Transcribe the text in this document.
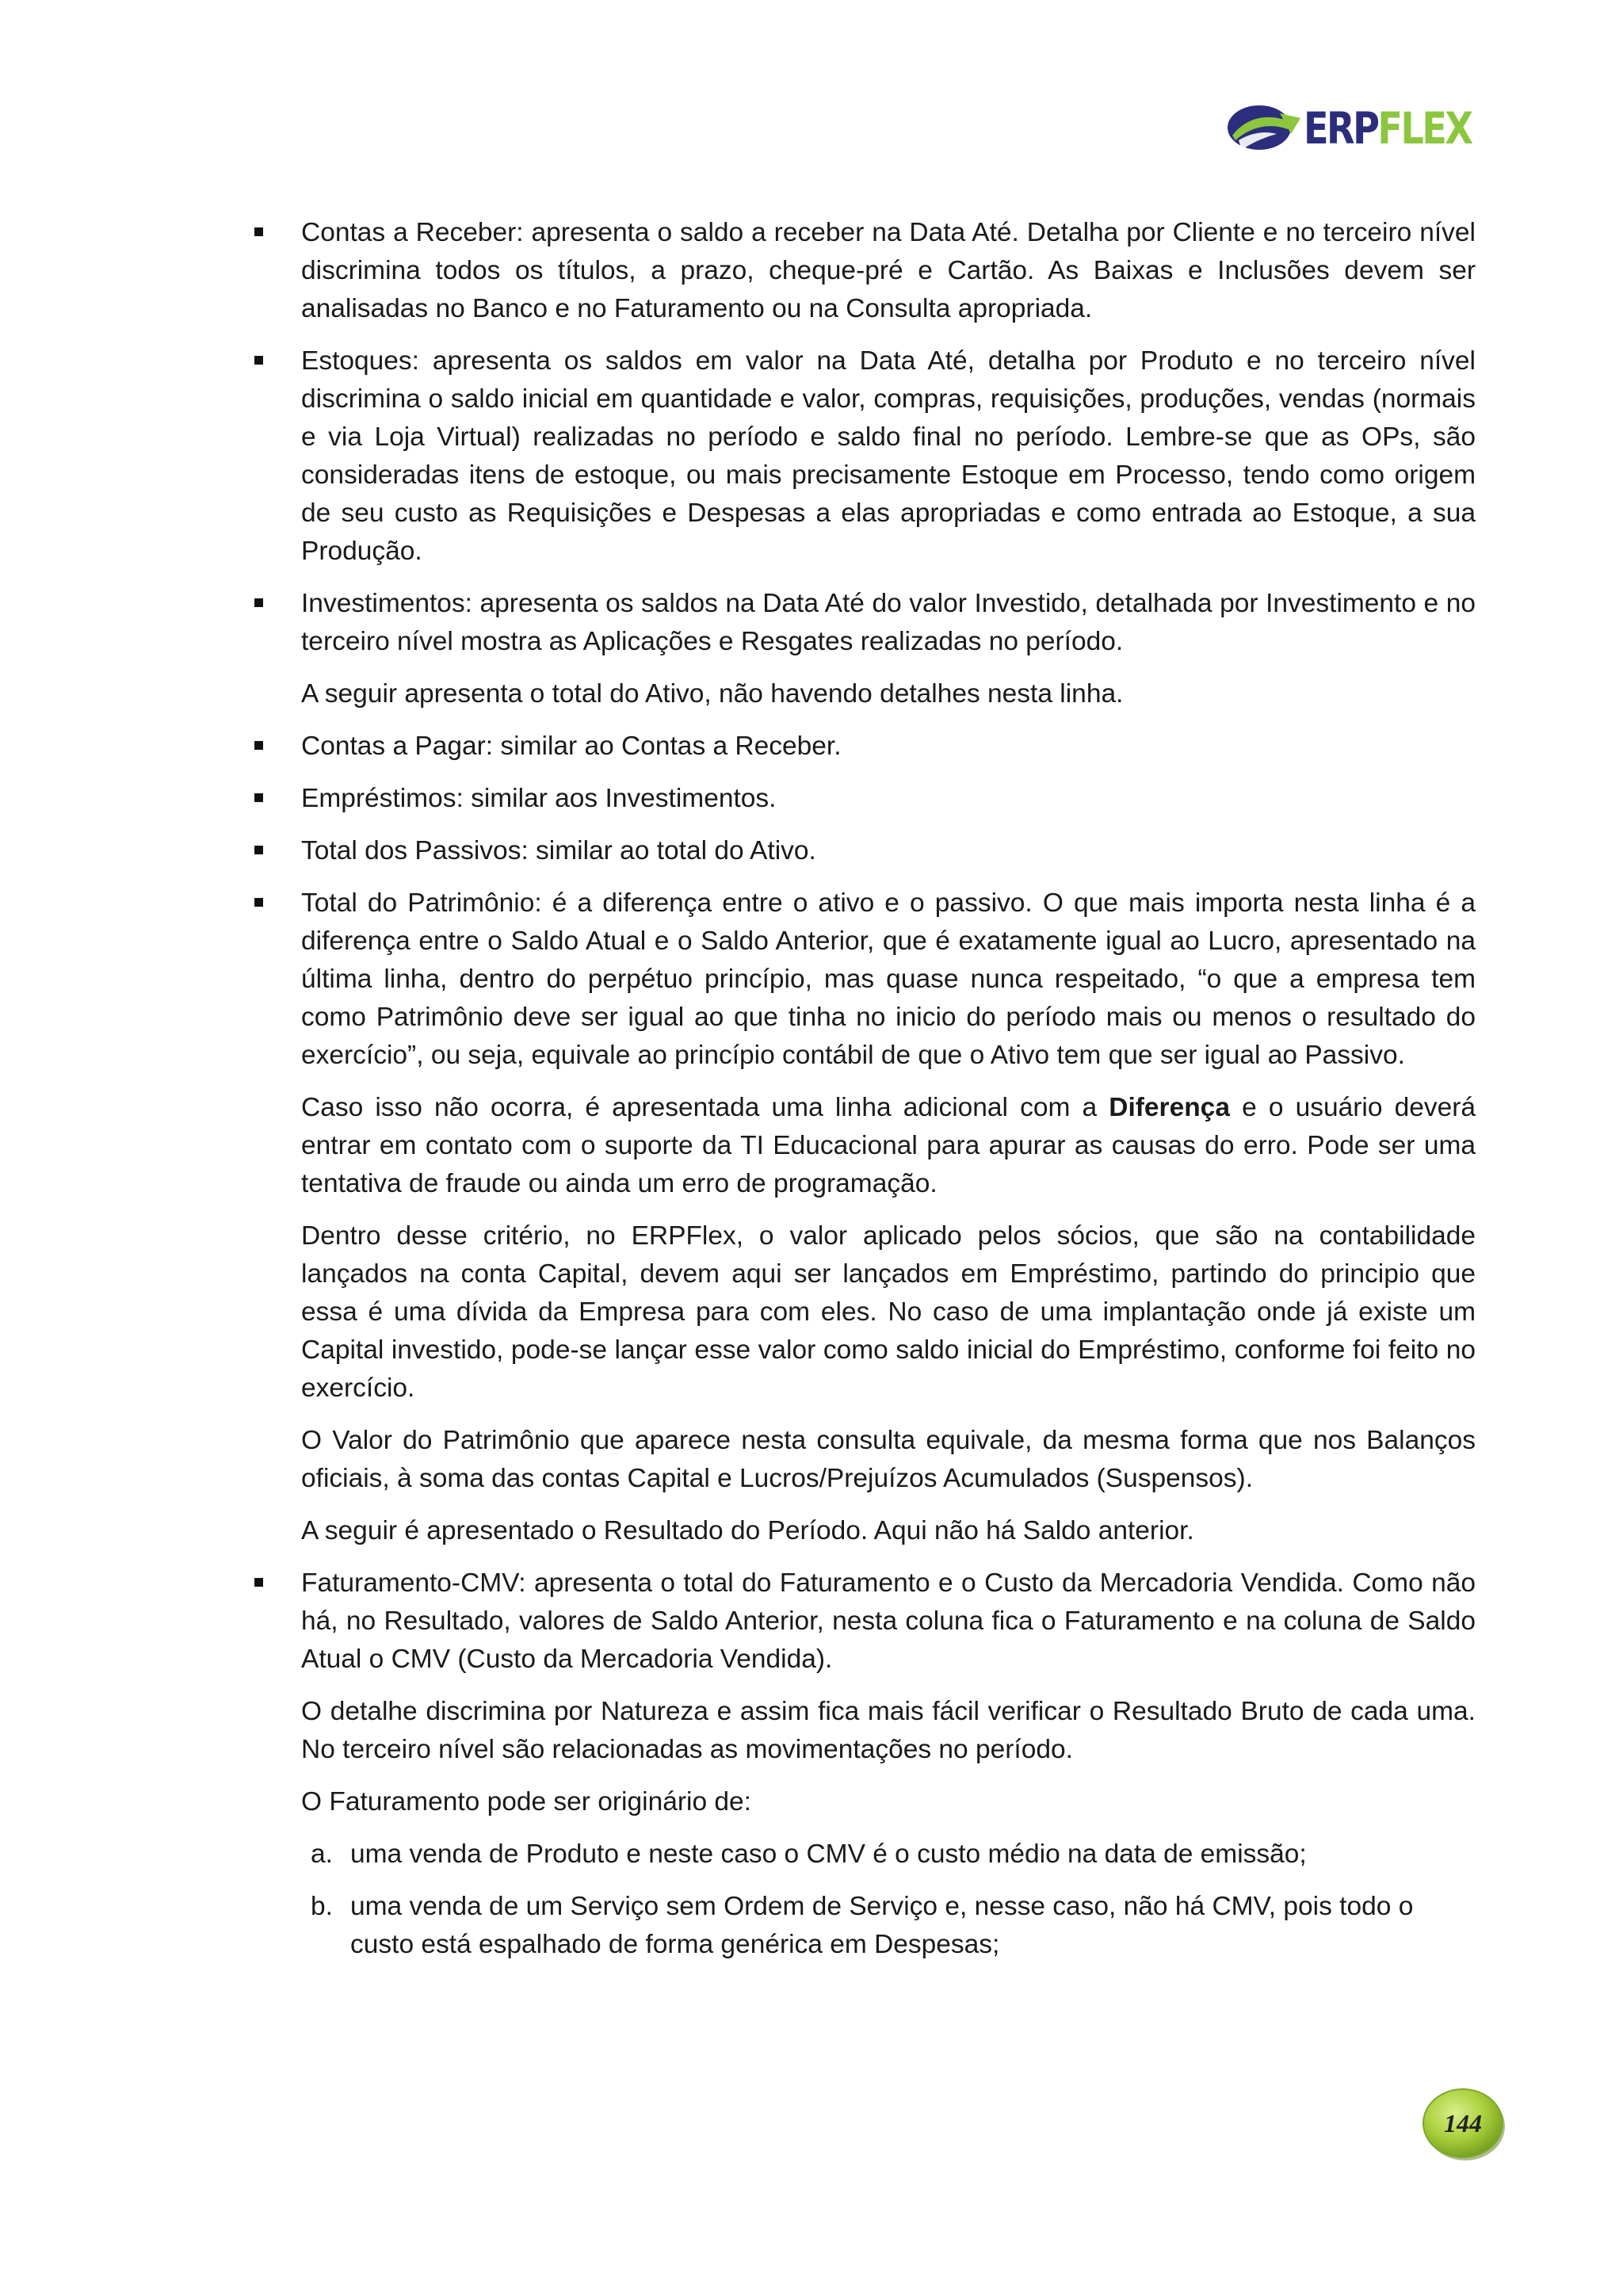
ERPFLEX

Contas a Receber: apresenta o saldo a receber na Data Até. Detalha por Cliente e no terceiro nível discrimina todos os títulos, a prazo, cheque-pré e Cartão. As Baixas e Inclusões devem ser analisadas no Banco e no Faturamento ou na Consulta apropriada.

Estoques: apresenta os saldos em valor na Data Até, detalha por Produto e no terceiro nível discrimina o saldo inicial em quantidade e valor, compras, requisições, produções, vendas (normais e via Loja Virtual) realizadas no período e saldo final no período. Lembre-se que as OPs, são consideradas itens de estoque, ou mais precisamente Estoque em Processo, tendo como origem de seu custo as Requisições e Despesas a elas apropriadas e como entrada ao Estoque, a sua Produção.

Investimentos: apresenta os saldos na Data Até do valor Investido, detalhada por Investimento e no terceiro nível mostra as Aplicações e Resgates realizadas no período.

A seguir apresenta o total do Ativo, não havendo detalhes nesta linha.

Contas a Pagar: similar ao Contas a Receber.

Empréstimos: similar aos Investimentos.

Total dos Passivos: similar ao total do Ativo.

Total do Patrimônio: é a diferença entre o ativo e o passivo. O que mais importa nesta linha é a diferença entre o Saldo Atual e o Saldo Anterior, que é exatamente igual ao Lucro, apresentado na última linha, dentro do perpétuo princípio, mas quase nunca respeitado, “o que a empresa tem como Patrimônio deve ser igual ao que tinha no inicio do período mais ou menos o resultado do exercício”, ou seja, equivale ao princípio contábil de que o Ativo tem que ser igual ao Passivo.

Caso isso não ocorra, é apresentada uma linha adicional com a Diferença e o usuário deverá entrar em contato com o suporte da TI Educacional para apurar as causas do erro. Pode ser uma tentativa de fraude ou ainda um erro de programação.

Dentro desse critério, no ERPFlex, o valor aplicado pelos sócios, que são na contabilidade lançados na conta Capital, devem aqui ser lançados em Empréstimo, partindo do principio que essa é uma dívida da Empresa para com eles. No caso de uma implantação onde já existe um Capital investido, pode-se lançar esse valor como saldo inicial do Empréstimo, conforme foi feito no exercício.

O Valor do Patrimônio que aparece nesta consulta equivale, da mesma forma que nos Balanços oficiais, à soma das contas Capital e Lucros/Prejuízos Acumulados (Suspensos).

A seguir é apresentado o Resultado do Período. Aqui não há Saldo anterior.

Faturamento-CMV: apresenta o total do Faturamento e o Custo da Mercadoria Vendida. Como não há, no Resultado, valores de Saldo Anterior, nesta coluna fica o Faturamento e na coluna de Saldo Atual o CMV (Custo da Mercadoria Vendida).

O detalhe discrimina por Natureza e assim fica mais fácil verificar o Resultado Bruto de cada uma. No terceiro nível são relacionadas as movimentações no período.

O Faturamento pode ser originário de:

a. uma venda de Produto e neste caso o CMV é o custo médio na data de emissão;

b. uma venda de um Serviço sem Ordem de Serviço e, nesse caso, não há CMV, pois todo o custo está espalhado de forma genérica em Despesas;

144
